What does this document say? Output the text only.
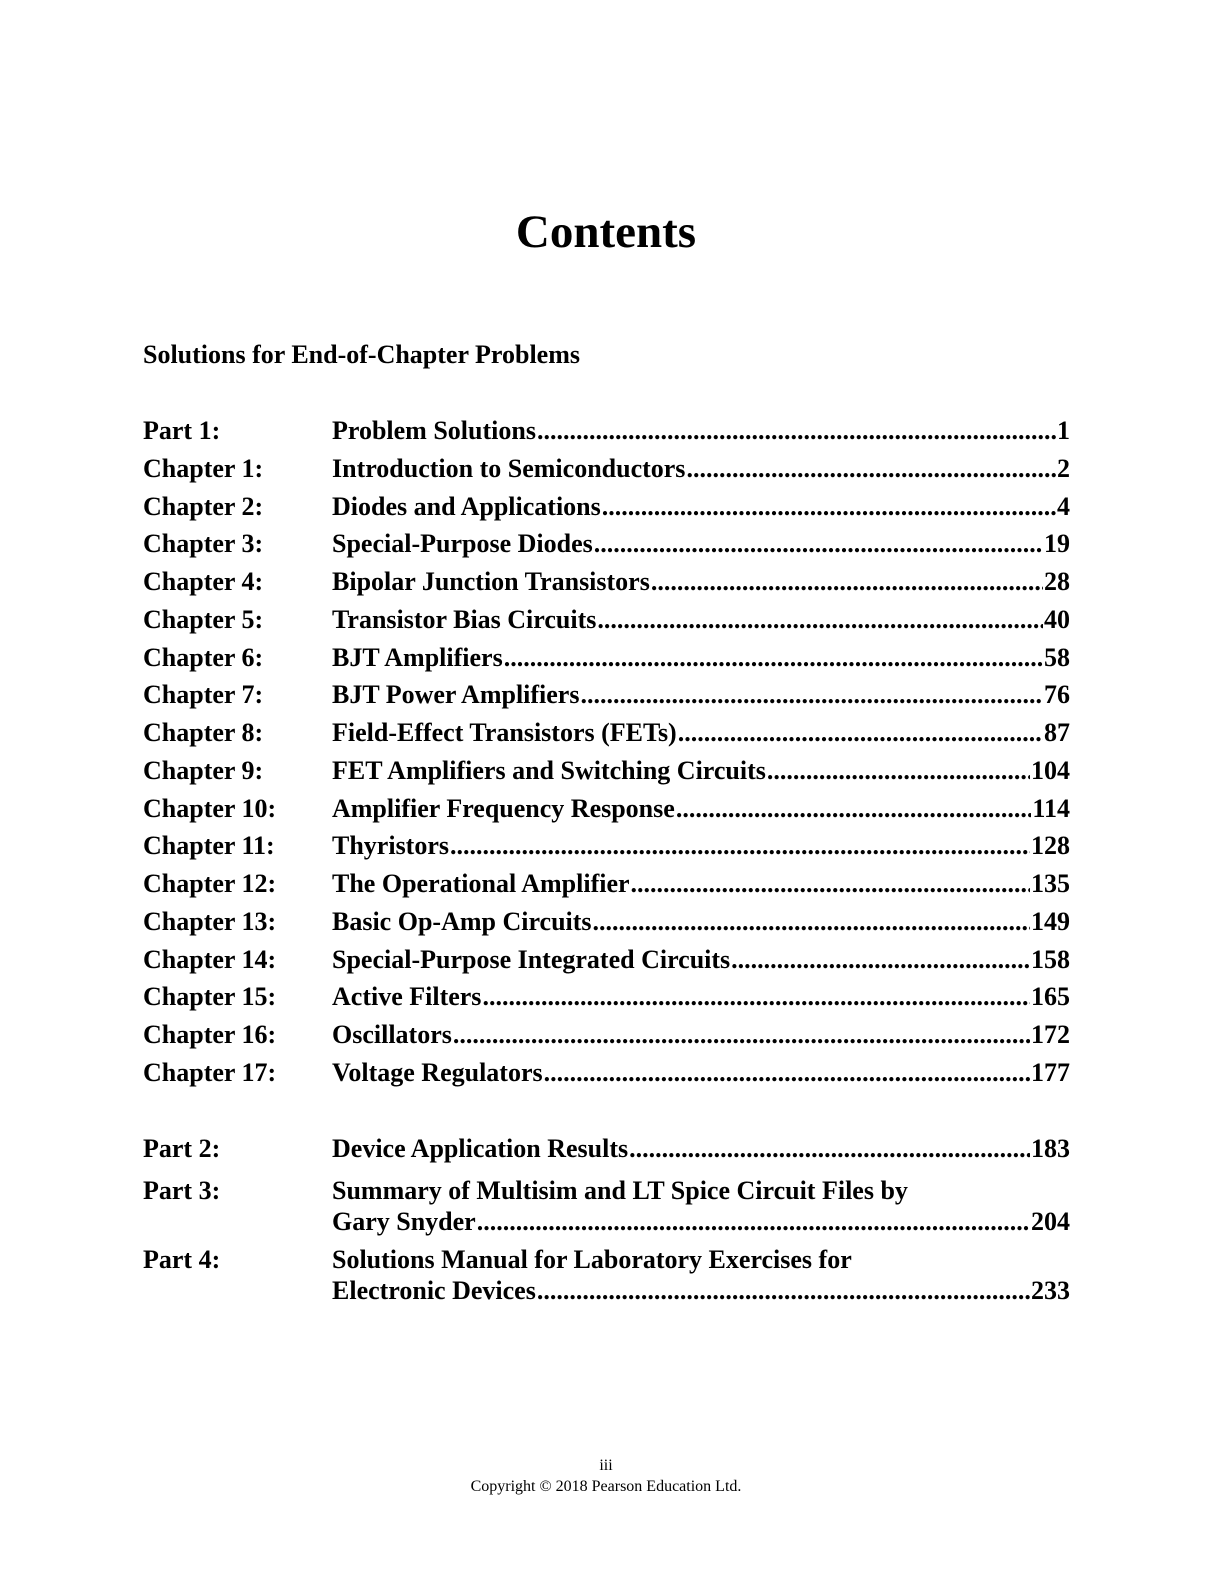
Contents
Solutions for End-of-Chapter Problems
Part 1:	Problem Solutions .....	1
Chapter 1:	Introduction to Semiconductors .....	2
Chapter 2:	Diodes and Applications .....	4
Chapter 3:	Special-Purpose Diodes .....	19
Chapter 4:	Bipolar Junction Transistors .....	28
Chapter 5:	Transistor Bias Circuits .....	40
Chapter 6:	BJT Amplifiers .....	58
Chapter 7:	BJT Power Amplifiers .....	76
Chapter 8:	Field-Effect Transistors (FETs) .....	87
Chapter 9:	FET Amplifiers and Switching Circuits .....	104
Chapter 10:	Amplifier Frequency Response .....	114
Chapter 11:	Thyristors .....	128
Chapter 12:	The Operational Amplifier .....	135
Chapter 13:	Basic Op-Amp Circuits .....	149
Chapter 14:	Special-Purpose Integrated Circuits .....	158
Chapter 15:	Active Filters .....	165
Chapter 16:	Oscillators .....	172
Chapter 17:	Voltage Regulators .....	177
Part 2:	Device Application Results .....	183
Part 3:	Summary of Multisim and LT Spice Circuit Files by
Gary Snyder .....	204
Part 4:	Solutions Manual for Laboratory Exercises for
Electronic Devices .....	233
iii
Copyright © 2018 Pearson Education Ltd.
